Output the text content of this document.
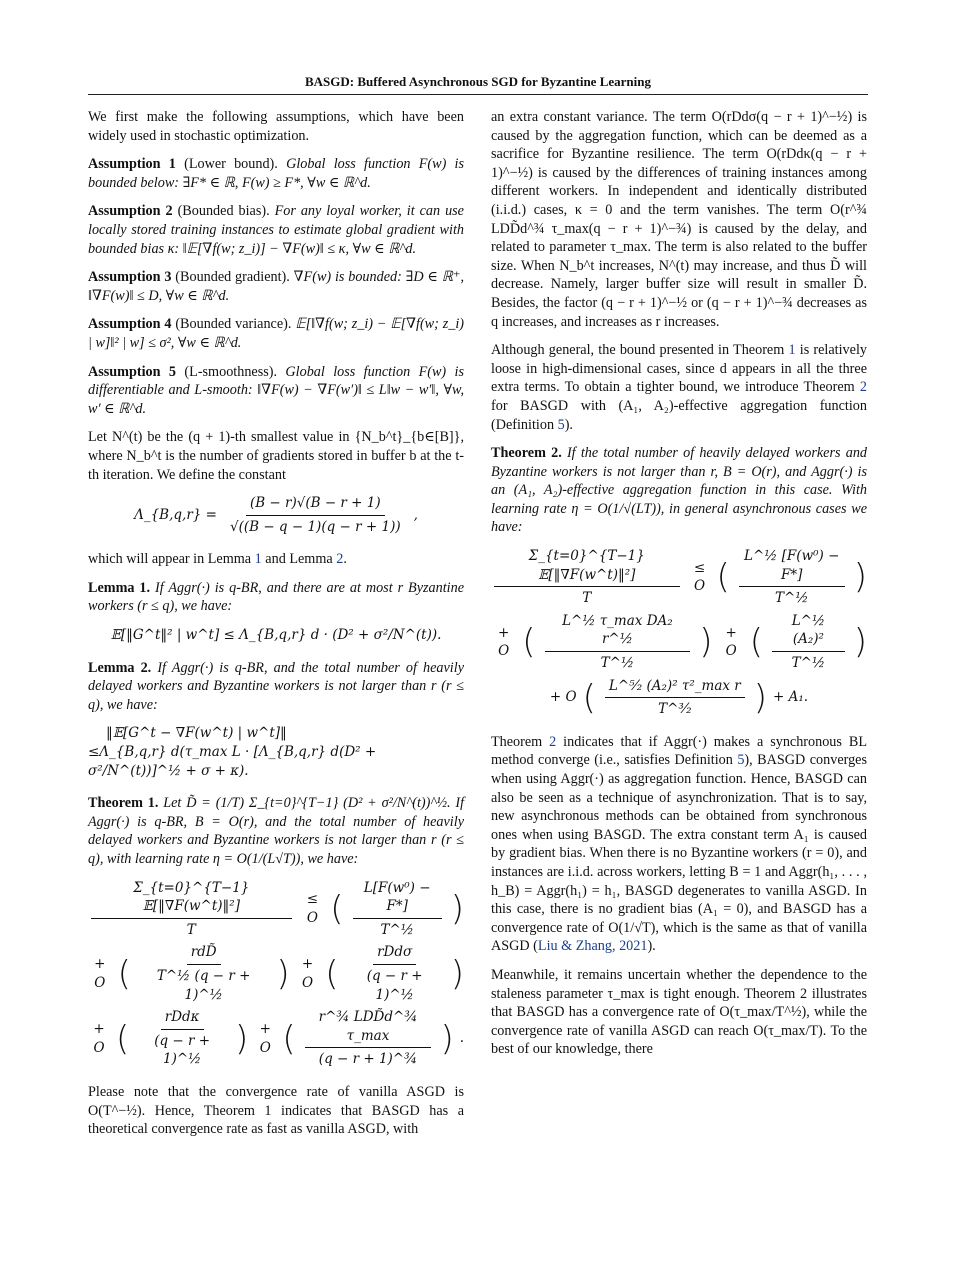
BASGD: Buffered Asynchronous SGD for Byzantine Learning

We first make the following assumptions, which have been widely used in stochastic optimization.

Assumption 1 (Lower bound). Global loss function F(w) is bounded below: ∃F* ∈ ℝ, F(w) ≥ F*, ∀w ∈ ℝ^d.

Assumption 2 (Bounded bias). For any loyal worker, it can use locally stored training instances to estimate global gradient with bounded bias κ: ‖𝔼[∇f(w; z_i)] − ∇F(w)‖ ≤ κ, ∀w ∈ ℝ^d.

Assumption 3 (Bounded gradient). ∇F(w) is bounded: ∃D ∈ ℝ⁺, ‖∇F(w)‖ ≤ D, ∀w ∈ ℝ^d.

Assumption 4 (Bounded variance). 𝔼[‖∇f(w; z_i) − 𝔼[∇f(w; z_i) | w]‖² | w] ≤ σ², ∀w ∈ ℝ^d.

Assumption 5 (L-smoothness). Global loss function F(w) is differentiable and L-smooth: ‖∇F(w) − ∇F(w′)‖ ≤ L‖w − w′‖, ∀w, w′ ∈ ℝ^d.

Let N^(t) be the (q + 1)-th smallest value in {N_b^t}_{b∈[B]}, where N_b^t is the number of gradients stored in buffer b at the t-th iteration. We define the constant

Λ_{B,q,r} = $\frac{(B - r)√(B - r + 1)}{√((B - q - 1)(q - r + 1))}$ ,

which will appear in Lemma 1 and Lemma 2.

Lemma 1. If Aggr(·) is q-BR, and there are at most r Byzantine workers (r ≤ q), we have:

𝔼[‖G^t‖² | w^t] ≤ Λ_{B,q,r} d · (D² + σ²/N^(t)).

Lemma 2. If Aggr(·) is q-BR, and the total number of heavily delayed workers and Byzantine workers is not larger than r (r ≤ q), we have:

‖𝔼[G^t − ∇F(w^t) | w^t]‖
≤Λ_{B,q,r} d(τ_max L · [Λ_{B,q,r} d(D² + σ²/N^(t))]^½ + σ + κ).

Theorem 1. Let D̃ = (1/T) Σ_{t=0}^{T−1} (D² + σ²/N^(t))^½. If Aggr(·) is q-BR, B = O(r), and the total number of heavily delayed workers and Byzantine workers is not larger than r (r ≤ q), with learning rate η = O(1/(L√T)), we have:

$\frac{\text{Σ\_\{t=0\}\textasciicircum{}\{T−1\} 𝔼[‖∇F(w\textasciicircum{}t)‖²]}}{T}$	≤ O ( $\frac{\text{L[F(w⁰) − F*]}}{\text{T\textasciicircum{}½}}$ )
+ O ( $\frac{\text{rdD̃}}{\text{T\textasciicircum{}½ (q − r + 1)\textasciicircum{}½}}$ ) + O ( $\frac{\text{rDdσ}}{\text{(q − r + 1)\textasciicircum{}½}}$ )
+ O ( $\frac{\text{rDdκ}}{\text{(q − r + 1)\textasciicircum{}½}}$ ) + O ( $\frac{\text{r\textasciicircum{}¾ LDD̃d\textasciicircum{}¾ τ\_max}}{\text{(q − r + 1)\textasciicircum{}¾}}$ ) .

Please note that the convergence rate of vanilla ASGD is O(T^−½). Hence, Theorem 1 indicates that BASGD has a theoretical convergence rate as fast as vanilla ASGD, with

an extra constant variance. The term O(rDdσ(q − r + 1)^−½) is caused by the aggregation function, which can be deemed as a sacrifice for Byzantine resilience. The term O(rDdκ(q − r + 1)^−½) is caused by the differences of training instances among different workers. In independent and identically distributed (i.i.d.) cases, κ = 0 and the term vanishes. The term O(r^¾ LDD̃d^¾ τ_max(q − r + 1)^−¾) is caused by the delay, and related to parameter τ_max. The term is also related to the buffer size. When N_b^t increases, N^(t) may increase, and thus D̃ will decrease. Namely, larger buffer size will result in smaller D̃. Besides, the factor (q − r + 1)^−½ or (q − r + 1)^−¾ decreases as q increases, and increases as r increases.

Although general, the bound presented in Theorem 1 is relatively loose in high-dimensional cases, since d appears in all the three extra terms. To obtain a tighter bound, we introduce Theorem 2 for BASGD with (A₁, A₂)-effective aggregation function (Definition 5).

Theorem 2. If the total number of heavily delayed workers and Byzantine workers is not larger than r, B = O(r), and Aggr(·) is an (A₁, A₂)-effective aggregation function in this case. With learning rate η = O(1/√(LT)), in general asynchronous cases we have:

$\frac{\text{Σ\_\{t=0\}\textasciicircum{}\{T−1\} 𝔼[‖∇F(w\textasciicircum{}t)‖²]}}{T}$	≤ O ( $\frac{\text{L\textasciicircum{}½ [F(w⁰) − F*]}}{\text{T\textasciicircum{}½}}$ )
+ O ( $\frac{\text{L\textasciicircum{}½ τ\_max DA₂ r\textasciicircum{}½}}{\text{T\textasciicircum{}½}}$ ) + O ( $\frac{\text{L\textasciicircum{}½ (A₂)²}}{\text{T\textasciicircum{}½}}$ )
+ O ( $\frac{\text{L\textasciicircum{}⁵⁄₂ (A₂)² τ²\_max r}}{\text{T\textasciicircum{}³⁄₂}}$ ) + A₁.

Theorem 2 indicates that if Aggr(·) makes a synchronous BL method converge (i.e., satisfies Definition 5), BASGD converges when using Aggr(·) as aggregation function. Hence, BASGD can also be seen as a technique of asynchronization. That is to say, new asynchronous methods can be obtained from synchronous ones when using BASGD. The extra constant term A₁ is caused by gradient bias. When there is no Byzantine workers (r = 0), and instances are i.i.d. across workers, letting B = 1 and Aggr(h₁, . . . , h_B) = Aggr(h₁) = h₁, BASGD degenerates to vanilla ASGD. In this case, there is no gradient bias (A₁ = 0), and BASGD has a convergence rate of O(1/√T), which is the same as that of vanilla ASGD (Liu & Zhang, 2021).

Meanwhile, it remains uncertain whether the dependence to the staleness parameter τ_max is tight enough. Theorem 2 illustrates that BASGD has a convergence rate of O(τ_max/T^½), while the convergence rate of vanilla ASGD can reach O(τ_max/T). To the best of our knowledge, there
